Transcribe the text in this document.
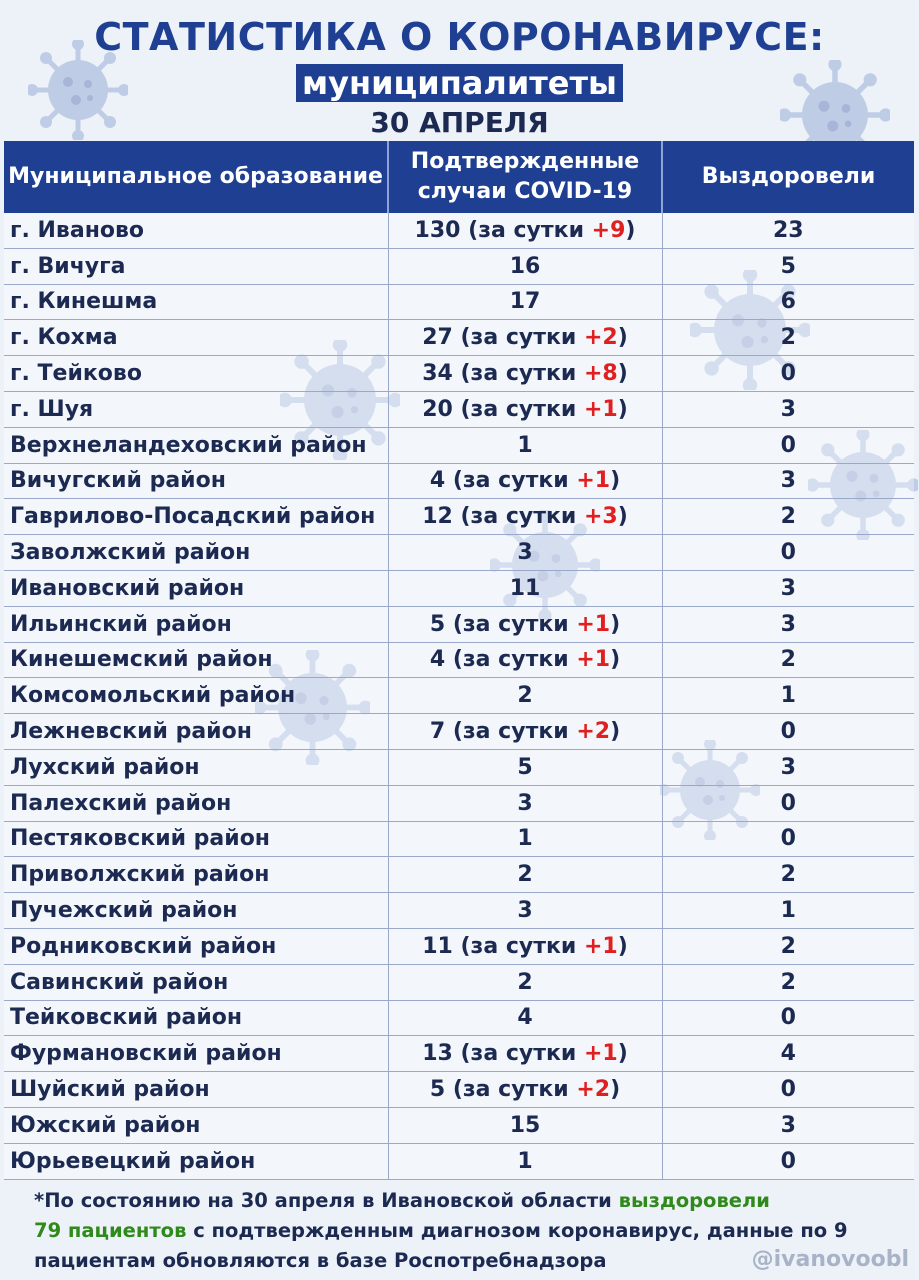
СТАТИСТИКА О КОРОНАВИРУСЕ:
муниципалитеты
30 АПРЕЛЯ
Муниципальное образование	Подтвержденные случаи COVID-19	Выздоровели
г. Иваново	130 (за сутки +9)	23
г. Вичуга	16	5
г. Кинешма	17	6
г. Кохма	27 (за сутки +2)	2
г. Тейково	34 (за сутки +8)	0
г. Шуя	20 (за сутки +1)	3
Верхнеландеховский район	1	0
Вичугский район	4 (за сутки +1)	3
Гаврилово-Посадский район	12 (за сутки +3)	2
Заволжский район	3	0
Ивановский район	11	3
Ильинский район	5 (за сутки +1)	3
Кинешемский район	4 (за сутки +1)	2
Комсомольский район	2	1
Лежневский район	7 (за сутки +2)	0
Лухский район	5	3
Палехский район	3	0
Пестяковский район	1	0
Приволжский район	2	2
Пучежский район	3	1
Родниковский район	11 (за сутки +1)	2
Савинский район	2	2
Тейковский район	4	0
Фурмановский район	13 (за сутки +1)	4
Шуйский район	5 (за сутки +2)	0
Южский район	15	3
Юрьевецкий район	1	0
*По состоянию на 30 апреля в Ивановской области выздоровели
79 пациентов с подтвержденным диагнозом коронавирус, данные по 9 пациентам обновляются в базе Роспотребнадзора	@ivanovoobl
